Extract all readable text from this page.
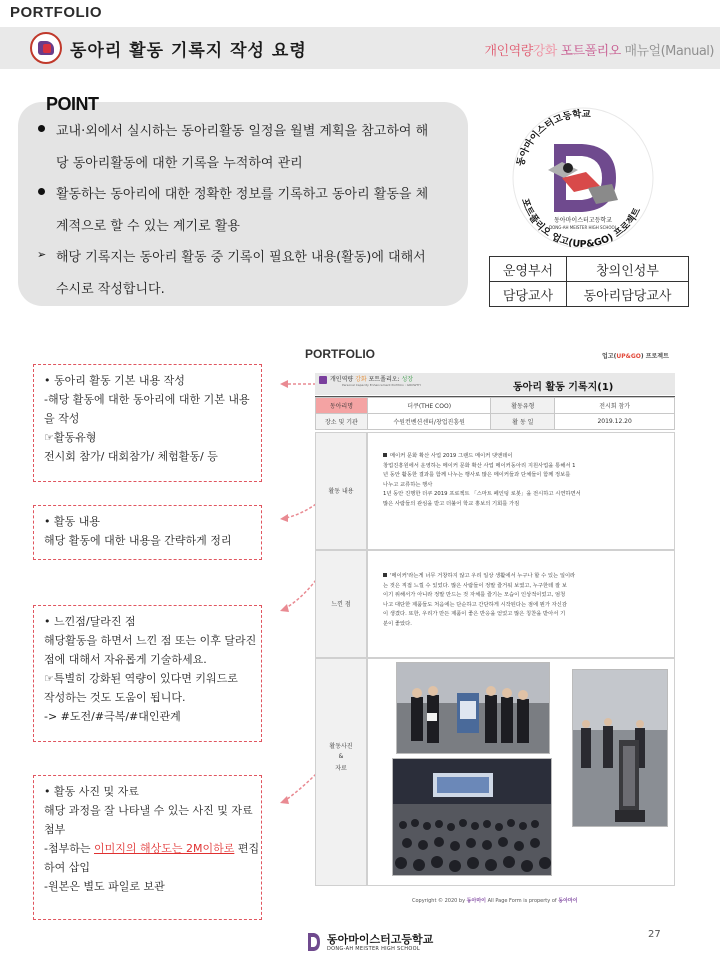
PORTFOLIO
동아리 활동 기록지 작성 요령	개인역량강화 포트폴리오 매뉴얼(Manual)
POINT
교내·외에서 실시하는 동아리활동 일정을 월별 계획을 참고하여 해
당 동아리활동에 대한 기록을 누적하여 관리
활동하는 동아리에 대한 정확한 정보를 기록하고 동아리 활동을 체
계적으로 할 수 있는 계기로 활용
➢ 해당 기록지는 동아리 활동 중 기록이 필요한 내용(활동)에 대해서
수시로 작성합니다.
동아마이스터고등학교
포트폴리오 업고(UP&GO) 프로젝트
동아마이스터고등학교
DONG-AH MEISTER HIGH SCHOOL
운영부서	창의인성부
담당교사	동아리담당교사
• 동아리 활동 기본 내용 작성
-해당 활동에 대한 동아리에 대한 기본 내용
을 작성
☞활동유형
전시회 참가/ 대회참가/ 체험활동/ 등
• 활동 내용
해당 활동에 대한 내용을 간략하게 정리
• 느낀점/달라진 점
해당활동을 하면서 느낀 점 또는 이후 달라진
점에 대해서 자유롭게 기술하세요.
☞특별히 강화된 역량이 있다면 키워드로
작성하는 것도 도움이 됩니다.
-> #도전/#극복/#대인관계
• 활동 사진 및 자료
해당 과정을 잘 나타낼 수 있는 사진 및 자료
첨부
-첨부하는 이미지의 해상도는 2M이하로 편집
하여 삽입
-원본은 별도 파일로 보관
PORTFOLIO	업고(UP&GO) 프로젝트
개인역량 강화 포트폴리오: 성장
Personal Capacity Enhancement Portfolio : GROWTH	동아리 활동 기록지(1)
동아리명	더쿠(THE COO)	활동유형	전시회 참가
장소 및 기관	수원컨벤션센터/창업진흥원	활 동 일	2019.12.20
활동 내용
메이커 문화 확산 사업 2019 그랜드 메이커 댓앤데이
창업진흥원에서 운영하는 메이커 문화 확산 사업 메이커동아리 지원사업을 통해서 1
년 동안 활동한 결과를 함께 나누는 행사로 많은 메이커들과 단체들이 함께 정보를
나누고 교류하는 행사
1년 동안 진행한 더쿠 2019 프로젝트 「스마트 페인팅 로봇」을 전시하고 시연하면서
많은 사람들의 관심을 받고 더불어 학교 홍보의 기회를 가짐
느낀 점
'메이커'라는게 너무 거창하지 않고 우리 일상 생활에서 누구나 할 수 있는 일이라
는 것은 직접 느낄 수 있었다. 많은 사람들이 정말 즐거워 보였고, 누구한테 잘 보
이기 위해서가 아니라 정말 만드는 것 자체를 즐기는 모습이 인상적이었고, 엄청
나고 대단한 제품들도 처음에는 단순하고 간단하게 시작된다는 점에 뭔가 자신감
이 생겼다. 또한, 우리가 만든 제품이 좋은 반응을 얻었고 많은 칭찬을 받아서 기
분이 좋았다.
활동사진
&
자료
Copyright © 2020 by 동아마이 All Page Form is property of 동아마이
27
동아마이스터고등학교
DONG-AH MEISTER HIGH SCHOOL
